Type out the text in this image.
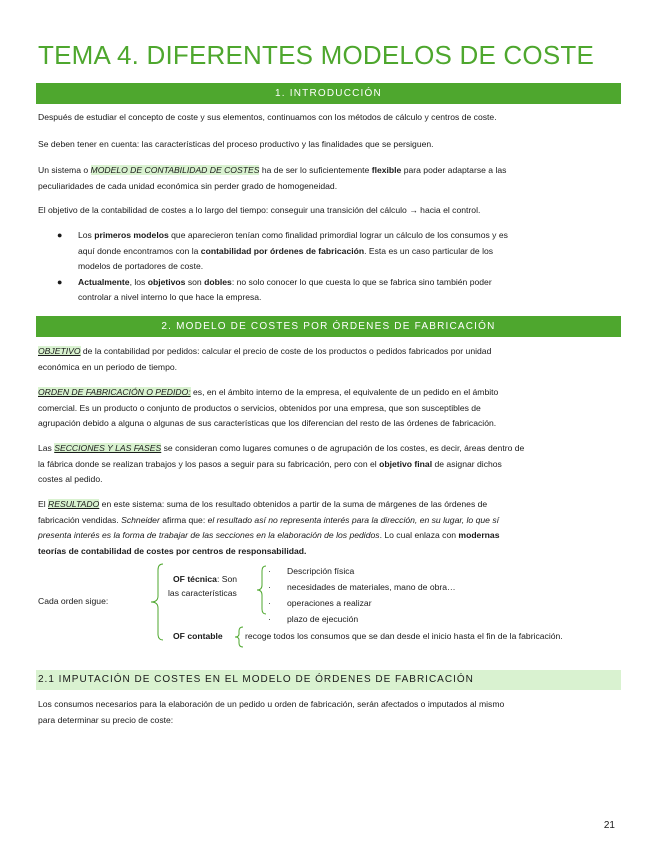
TEMA 4. DIFERENTES MODELOS DE COSTE
1. INTRODUCCIÓN

Después de estudiar el concepto de coste y sus elementos, continuamos con los métodos de cálculo y centros de coste.

Se deben tener en cuenta: las características del proceso productivo y las finalidades que se persiguen.

Un sistema o MODELO DE CONTABILIDAD DE COSTES ha de ser lo suficientemente flexible para poder adaptarse a las
peculiaridades de cada unidad económica sin perder grado de homogeneidad.

El objetivo de la contabilidad de costes a lo largo del tiempo: conseguir una transición del cálculo → hacia el control.

● Los primeros modelos que aparecieron tenían como finalidad primordial lograr un cálculo de los consumos y es
aquí donde encontramos con la contabilidad por órdenes de fabricación. Esta es un caso particular de los
modelos de portadores de coste.
● Actualmente, los objetivos son dobles: no solo conocer lo que cuesta lo que se fabrica sino también poder
controlar a nivel interno lo que hace la empresa.
2. MODELO DE COSTES POR ÓRDENES DE FABRICACIÓN

OBJETIVO de la contabilidad por pedidos: calcular el precio de coste de los productos o pedidos fabricados por unidad
económica en un periodo de tiempo.

ORDEN DE FABRICACIÓN O PEDIDO: es, en el ámbito interno de la empresa, el equivalente de un pedido en el ámbito
comercial. Es un producto o conjunto de productos o servicios, obtenidos por una empresa, que son susceptibles de
agrupación debido a alguna o algunas de sus características que los diferencian del resto de las órdenes de fabricación.

Las SECCIONES Y LAS FASES se consideran como lugares comunes o de agrupación de los costes, es decir, áreas dentro de
la fábrica donde se realizan trabajos y los pasos a seguir para su fabricación, pero con el objetivo final de asignar dichos
costes al pedido.

El RESULTADO en este sistema: suma de los resultado obtenidos a partir de la suma de márgenes de las órdenes de
fabricación vendidas. Schneider afirma que: el resultado así no representa interés para la dirección, en su lugar, lo que sí
presenta interés es la forma de trabajar de las secciones en la elaboración de los pedidos. Lo cual enlaza con modernas
teorías de contabilidad de costes por centros de responsabilidad.

Cada orden sigue:
OF técnica: Son
las características
· Descripción física
· necesidades de materiales, mano de obra…
· operaciones a realizar
· plazo de ejecución
OF contable	recoge todos los consumos que se dan desde el inicio hasta el fin de la fabricación.
2.1 IMPUTACIÓN DE COSTES EN EL MODELO DE ÓRDENES DE FABRICACIÓN

Los consumos necesarios para la elaboración de un pedido u orden de fabricación, serán afectados o imputados al mismo
para determinar su precio de coste:

21
